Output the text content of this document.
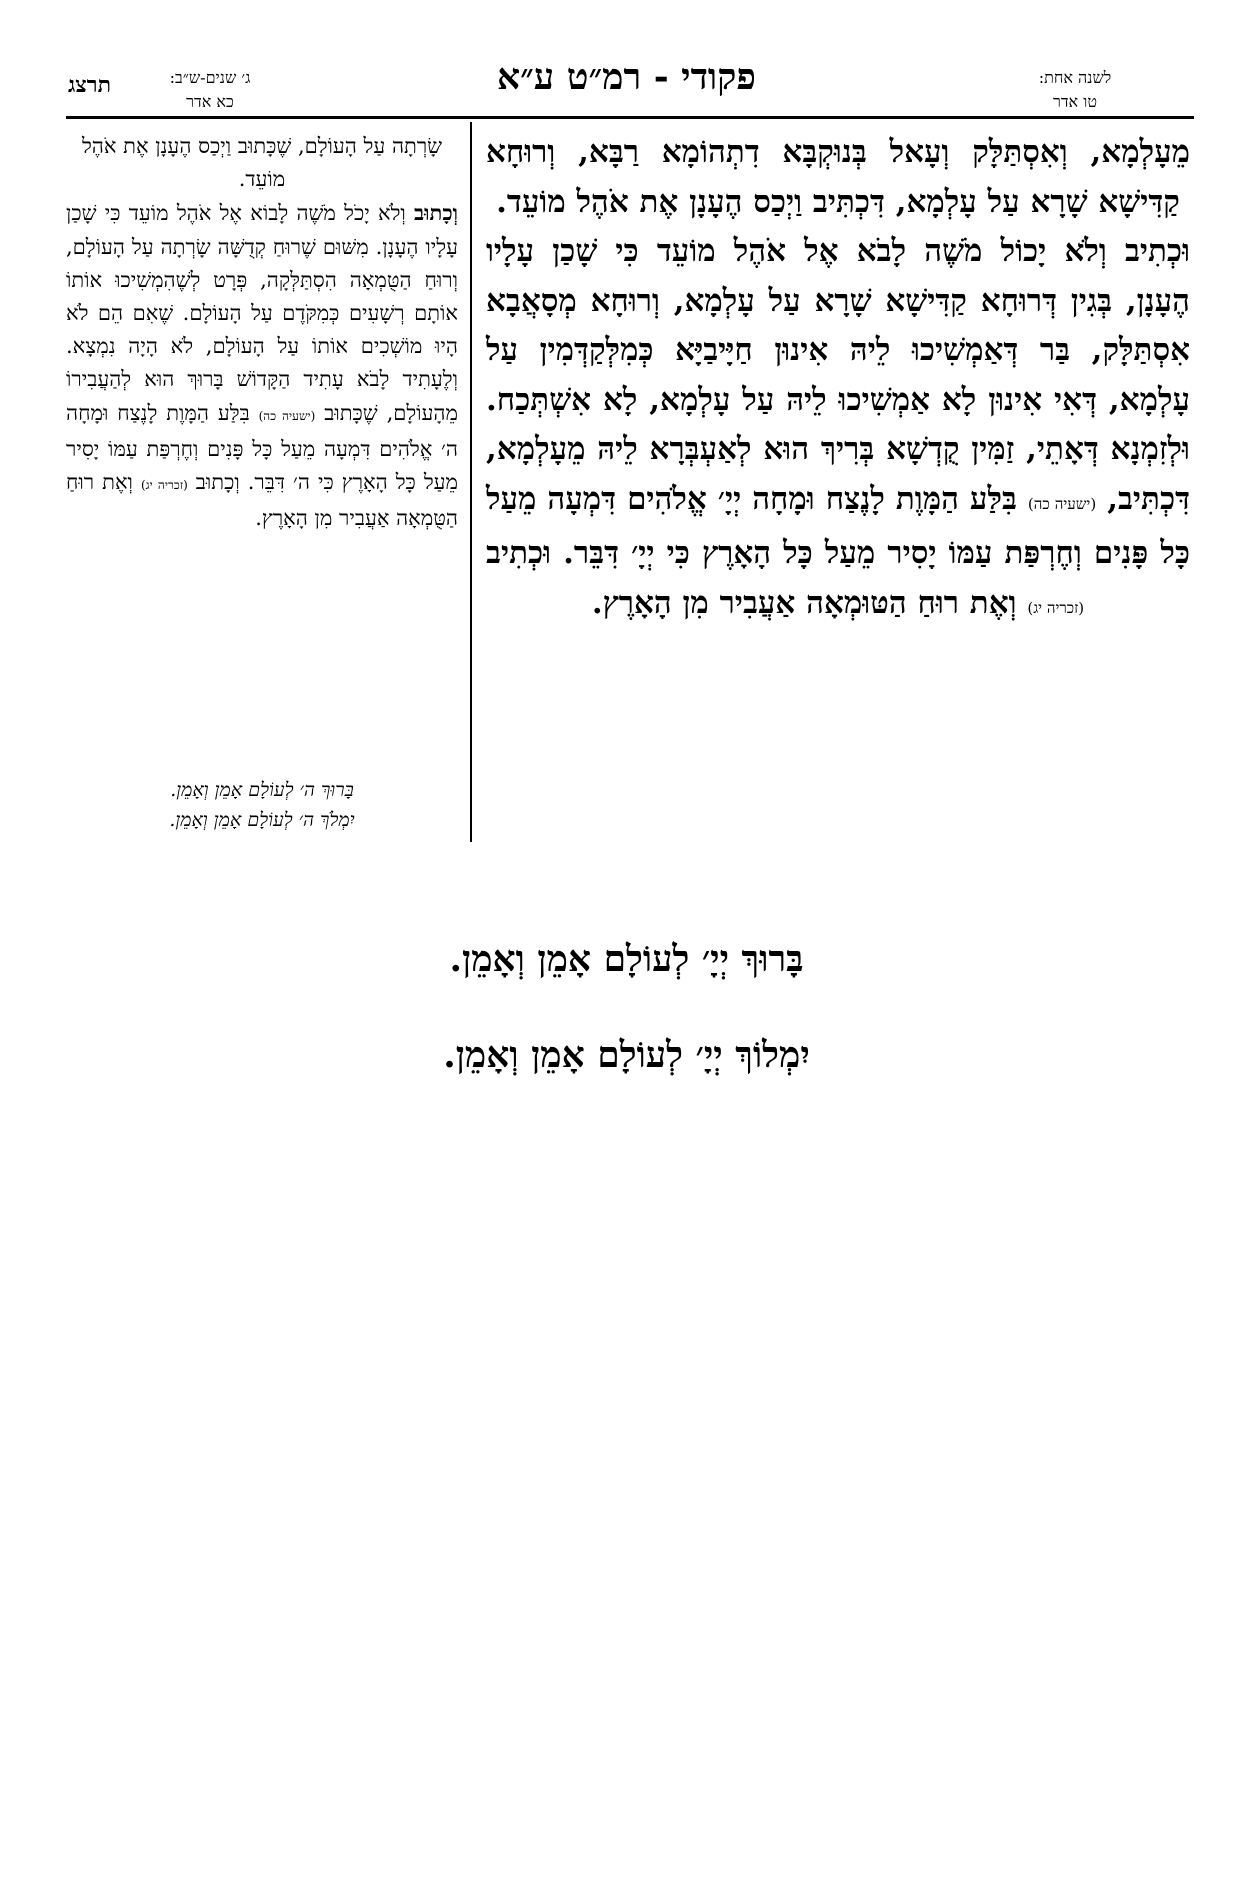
תרצג	ג׳ שנים-ש״ב:
כא אדר
פקודי - רמ״ט ע״א	לשנה אחת:
טו אדר

מֵעָלְמָא, וְאִסְתַּלָּק וְעָאל בְּנוּקְבָּא דִתְהוֹמָא רַבָּא, וְרוּחָא קַדִּישָׁא שָׁרָא עַל עָלְמָא, דִּכְתִּיב וַיְכַס הֶעָנָן אֶת אֹהֶל מוֹעֵד.

וּכְתִיב וְלֹא יָכוֹל מֹשֶׁה לָבֹא אֶל אֹהֶל מוֹעֵד כִּי שָׁכַן עָלָיו הֶעָנָן, בְּגִין דְּרוּחָא קַדִּישָׁא שָׁרָא עַל עָלְמָא, וְרוּחָא מְסָאֲבָא אִסְתַּלָּק, בַּר דְּאַמְשִׁיכוּ לֵיהּ אִינוּן חַיָּיבַיָּא כְּמִלְּקַדְּמִין עַל עָלְמָא, דְּאִי אִינוּן לָא אַמְשִׁיכוּ לֵיהּ עַל עָלְמָא, לָא אִשְׁתְּכַח. וּלְזִמְנָא דְּאָתֵי, זַמִּין קֻדְשָׁא בְּרִיךְ הוּא לְאַעְבְּרָא לֵיהּ מֵעָלְמָא, דִּכְתִּיב, (ישעיה כה) בִּלַּע הַמָּוֶת לָנֶצַח וּמָחָה יְיָ׳ אֱלֹהִים דִּמְעָה מֵעַל כָּל פָּנִים וְחֶרְפַּת עַמּוֹ יָסִיר מֵעַל כָּל הָאָרֶץ כִּי יְיָ׳ דִּבֵּר. וּכְתִיב (זכריה יג) וְאֶת רוּחַ הַטּוּמְאָה אַעֲבִיר מִן הָאָרֶץ.

שָׂרְתָה עַל הָעוֹלָם, שֶׁכָּתוּב וַיְכַס הֶעָנָן אֶת אֹהֶל מוֹעֵד.

וְכָתוּב וְלֹא יָכֹל מֹשֶׁה לָבוֹא אֶל אֹהֶל מוֹעֵד כִּי שָׁכַן עָלָיו הֶעָנָן. מִשּׁוּם שֶׁרוּחַ קְדֻשָּׁה שָׂרְתָה עַל הָעוֹלָם, וְרוּחַ הַטֻּמְאָה הִסְתַּלְּקָה, פְּרָט לְשֶׁהִמְשִׁיכוּ אוֹתוֹ אוֹתָם רְשָׁעִים כְּמִקֹּדֶם עַל הָעוֹלָם. שֶׁאִם הֵם לֹא הָיוּ מוֹשְׁכִים אוֹתוֹ עַל הָעוֹלָם, לֹא הָיָה נִמְצָא. וְלֶעָתִיד לָבֹא עָתִיד הַקָּדוֹשׁ בָּרוּךְ הוּא לְהַעֲבִירוֹ מֵהָעוֹלָם, שֶׁכָּתוּב (ישעיה כה) בִּלַּע הַמָּוֶת לָנֶצַח וּמָחָה ה׳ אֱלֹהִים דִּמְעָה מֵעַל כָּל פָּנִים וְחֶרְפַּת עַמּוֹ יָסִיר מֵעַל כָּל הָאָרֶץ כִּי ה׳ דִּבֵּר. וְכָתוּב (זכריה יג) וְאֶת רוּחַ הַטֻּמְאָה אַעֲבִיר מִן הָאָרֶץ.

בָּרוּךְ ה׳ לְעוֹלָם אָמֵן וְאָמֵן.
יִמְלֹךְ ה׳ לְעוֹלָם אָמֵן וְאָמֵן.
בָּרוּךְ יְיָ׳ לְעוֹלָם אָמֵן וְאָמֵן.
יִמְלוֹךְ יְיָ׳ לְעוֹלָם אָמֵן וְאָמֵן.
